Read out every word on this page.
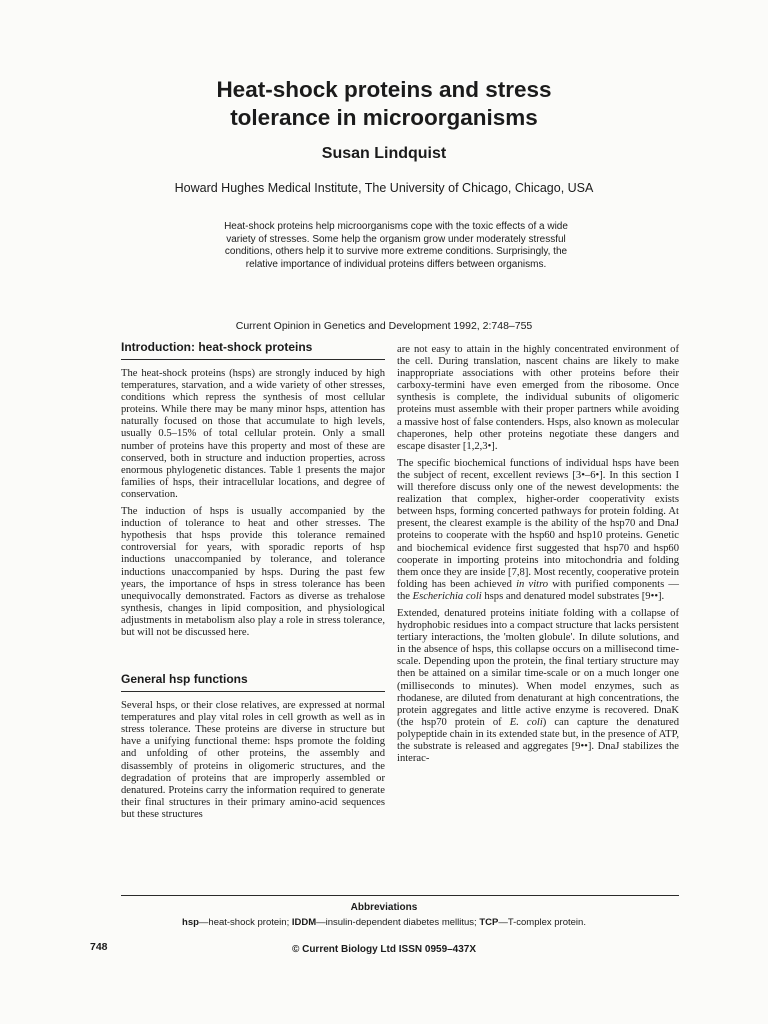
Heat-shock proteins and stress
tolerance in microorganisms
Susan Lindquist
Howard Hughes Medical Institute, The University of Chicago, Chicago, USA
Heat-shock proteins help microorganisms cope with the toxic effects of a wide variety of stresses. Some help the organism grow under moderately stressful conditions, others help it to survive more extreme conditions. Surprisingly, the relative importance of individual proteins differs between organisms.
Current Opinion in Genetics and Development 1992, 2:748–755
Introduction: heat-shock proteins

The heat-shock proteins (hsps) are strongly induced by high temperatures, starvation, and a wide variety of other stresses, conditions which repress the synthesis of most cellular proteins. While there may be many minor hsps, attention has naturally focused on those that accumulate to high levels, usually 0.5–15% of total cellular protein. Only a small number of proteins have this property and most of these are conserved, both in structure and induction properties, across enormous phylogenetic distances. Table 1 presents the major families of hsps, their intracellular locations, and degree of conservation.

The induction of hsps is usually accompanied by the induction of tolerance to heat and other stresses. The hypothesis that hsps provide this tolerance remained controversial for years, with sporadic reports of hsp inductions unaccompanied by tolerance, and tolerance inductions unaccompanied by hsps. During the past few years, the importance of hsps in stress tolerance has been unequivocally demonstrated. Factors as diverse as trehalose synthesis, changes in lipid composition, and physiological adjustments in metabolism also play a role in stress tolerance, but will not be discussed here.

General hsp functions

Several hsps, or their close relatives, are expressed at normal temperatures and play vital roles in cell growth as well as in stress tolerance. These proteins are diverse in structure but have a unifying functional theme: hsps promote the folding and unfolding of other proteins, the assembly and disassembly of proteins in oligomeric structures, and the degradation of proteins that are improperly assembled or denatured. Proteins carry the information required to generate their final structures in their primary amino-acid sequences but these structures

are not easy to attain in the highly concentrated environment of the cell. During translation, nascent chains are likely to make inappropriate associations with other proteins before their carboxy-termini have even emerged from the ribosome. Once synthesis is complete, the individual subunits of oligomeric proteins must assemble with their proper partners while avoiding a massive host of false contenders. Hsps, also known as molecular chaperones, help other proteins negotiate these dangers and escape disaster [1,2,3•].

The specific biochemical functions of individual hsps have been the subject of recent, excellent reviews [3•–6•]. In this section I will therefore discuss only one of the newest developments: the realization that complex, higher-order cooperativity exists between hsps, forming concerted pathways for protein folding. At present, the clearest example is the ability of the hsp70 and DnaJ proteins to cooperate with the hsp60 and hsp10 proteins. Genetic and biochemical evidence first suggested that hsp70 and hsp60 cooperate in importing proteins into mitochondria and folding them once they are inside [7,8]. Most recently, cooperative protein folding has been achieved in vitro with purified components — the Escherichia coli hsps and denatured model substrates [9••].

Extended, denatured proteins initiate folding with a collapse of hydrophobic residues into a compact structure that lacks persistent tertiary interactions, the 'molten globule'. In dilute solutions, and in the absence of hsps, this collapse occurs on a millisecond time-scale. Depending upon the protein, the final tertiary structure may then be attained on a similar time-scale or on a much longer one (milliseconds to minutes). When model enzymes, such as rhodanese, are diluted from denaturant at high concentrations, the protein aggregates and little active enzyme is recovered. DnaK (the hsp70 protein of E. coli) can capture the denatured polypeptide chain in its extended state but, in the presence of ATP, the substrate is released and aggregates [9••]. DnaJ stabilizes the interac-

Abbreviations
hsp—heat-shock protein; IDDM—insulin-dependent diabetes mellitus; TCP—T-complex protein.
748	© Current Biology Ltd ISSN 0959–437X
